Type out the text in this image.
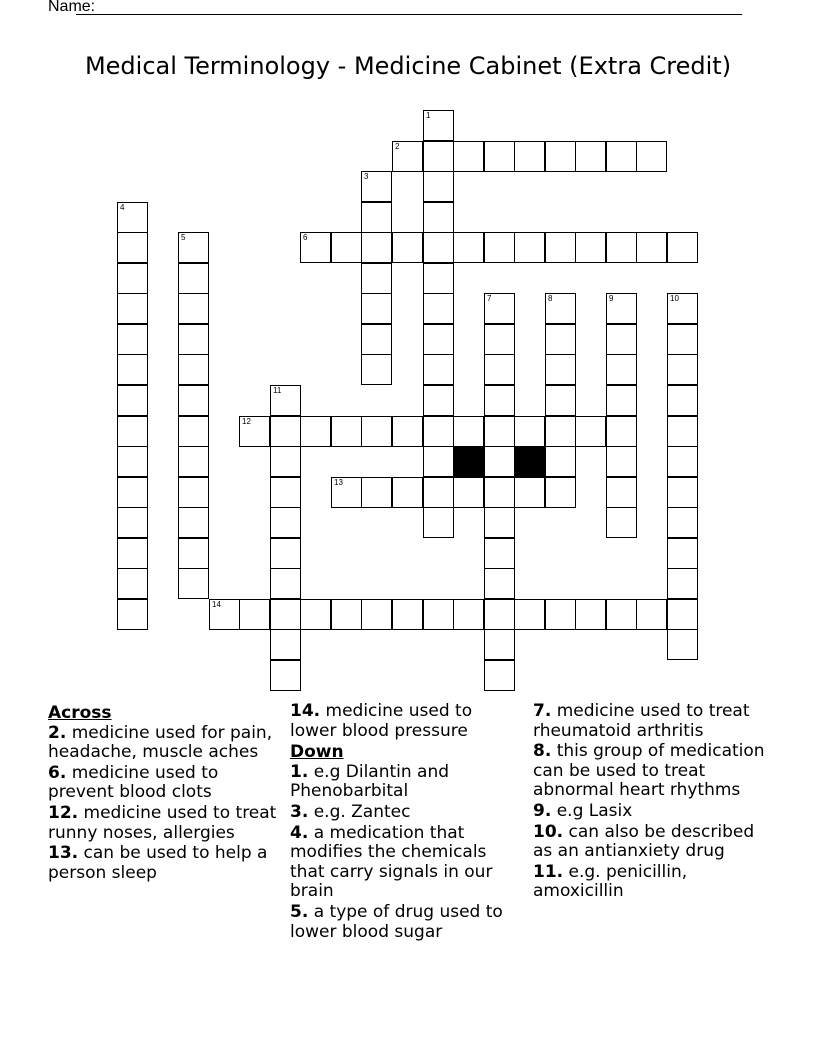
Name:
Medical Terminology - Medicine Cabinet (Extra Credit)
1
2
3
4
5	6
7	8	9	10
11
12
13
14
Across
2. medicine used for pain, headache, muscle aches
6. medicine used to prevent blood clots
12. medicine used to treat runny noses, allergies
13. can be used to help a person sleep
14. medicine used to lower blood pressure
Down
1. e.g Dilantin and Phenobarbital
3. e.g. Zantec
4. a medication that modifies the chemicals that carry signals in our brain
5. a type of drug used to lower blood sugar
7. medicine used to treat rheumatoid arthritis
8. this group of medication can be used to treat abnormal heart rhythms
9. e.g Lasix
10. can also be described as an antianxiety drug
11. e.g. penicillin, amoxicillin
